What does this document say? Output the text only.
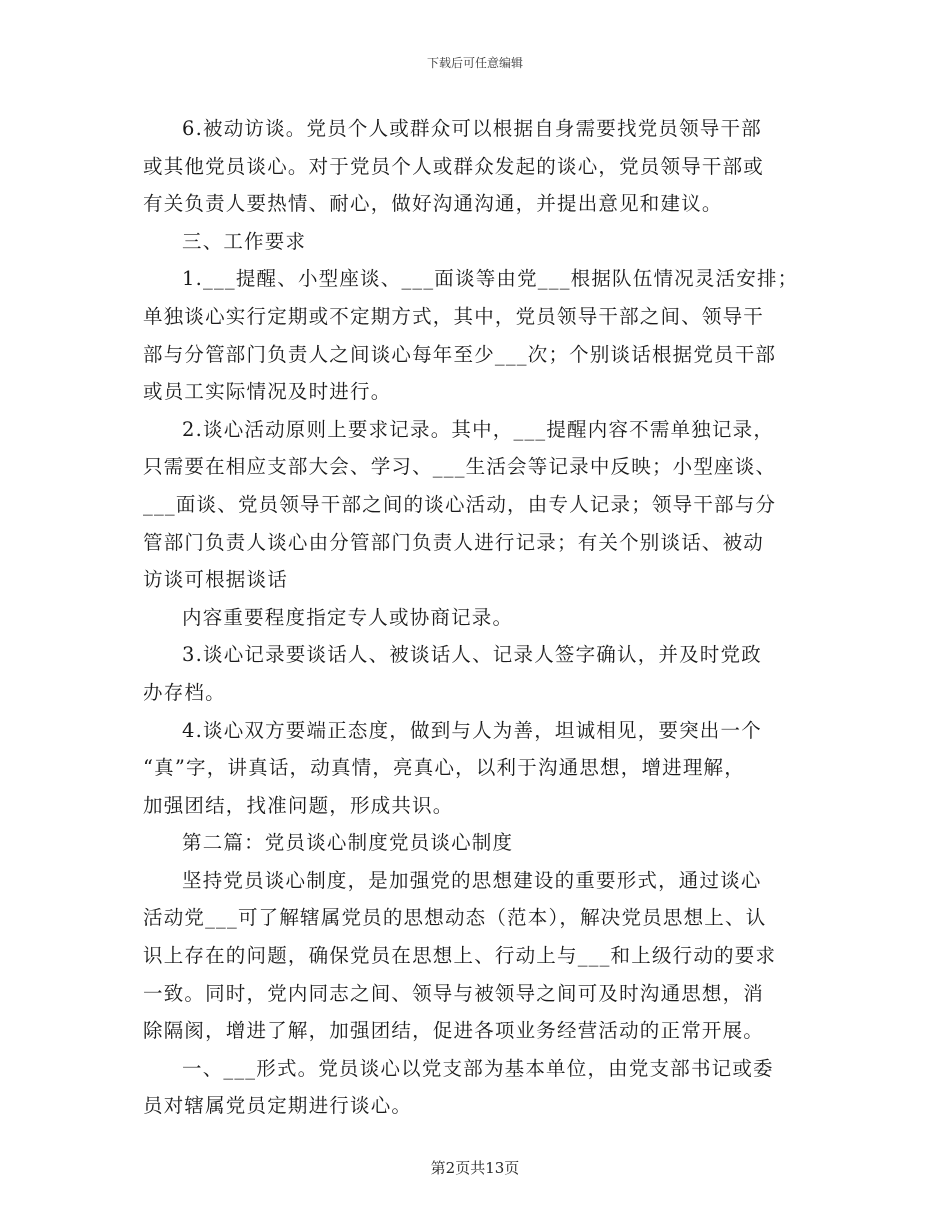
下载后可任意编辑
6.被动访谈。党员个人或群众可以根据自身需要找党员领导干部
或其他党员谈心。对于党员个人或群众发起的谈心，党员领导干部或
有关负责人要热情、耐心，做好沟通沟通，并提出意见和建议。
三、工作要求
1.___提醒、小型座谈、___面谈等由党___根据队伍情况灵活安排；
单独谈心实行定期或不定期方式，其中，党员领导干部之间、领导干
部与分管部门负责人之间谈心每年至少___次；个别谈话根据党员干部
或员工实际情况及时进行。
2.谈心活动原则上要求记录。其中，___提醒内容不需单独记录，
只需要在相应支部大会、学习、___生活会等记录中反映；小型座谈、
___面谈、党员领导干部之间的谈心活动，由专人记录；领导干部与分
管部门负责人谈心由分管部门负责人进行记录；有关个别谈话、被动
访谈可根据谈话
内容重要程度指定专人或协商记录。
3.谈心记录要谈话人、被谈话人、记录人签字确认，并及时党政
办存档。
4.谈心双方要端正态度，做到与人为善，坦诚相见，要突出一个
“真”字，讲真话，动真情，亮真心，以利于沟通思想，增进理解，
加强团结，找准问题，形成共识。
第二篇：党员谈心制度党员谈心制度
坚持党员谈心制度，是加强党的思想建设的重要形式，通过谈心
活动党___可了解辖属党员的思想动态（范本），解决党员思想上、认
识上存在的问题，确保党员在思想上、行动上与___和上级行动的要求
一致。同时，党内同志之间、领导与被领导之间可及时沟通思想，消
除隔阂，增进了解，加强团结，促进各项业务经营活动的正常开展。
一、___形式。党员谈心以党支部为基本单位，由党支部书记或委
员对辖属党员定期进行谈心。
第2页共13页
